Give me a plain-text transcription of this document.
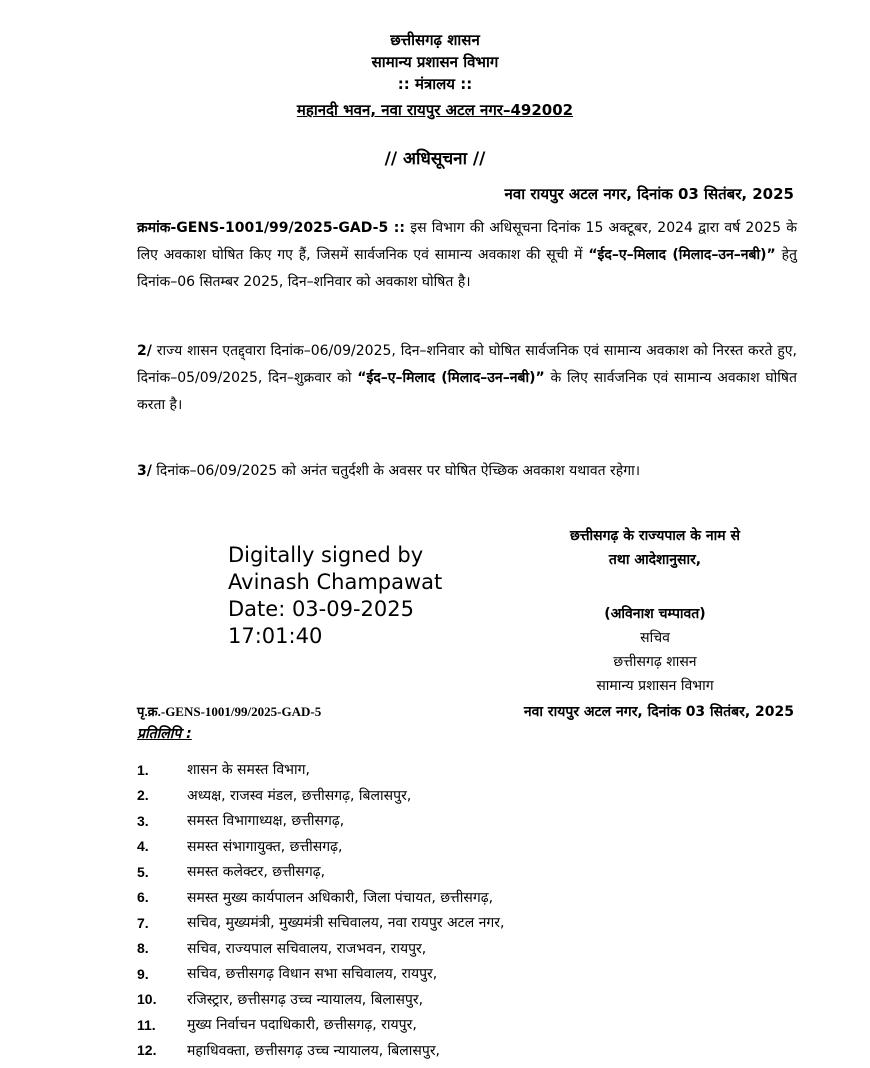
छत्तीसगढ़ शासन
सामान्य प्रशासन विभाग
:: मंत्रालय ::
महानदी भवन, नवा रायपुर अटल नगर–492002
// अधिसूचना //
नवा रायपुर अटल नगर, दिनांक 03 सितंबर, 2025
क्रमांक-GENS-1001/99/2025-GAD-5 :: इस विभाग की अधिसूचना दिनांक 15 अक्टूबर, 2024 द्वारा वर्ष 2025 के लिए अवकाश घोषित किए गए हैं, जिसमें सार्वजनिक एवं सामान्य अवकाश की सूची में “ईद–ए–मिलाद (मिलाद–उन–नबी)” हेतु दिनांक–06 सितम्बर 2025, दिन–शनिवार को अवकाश घोषित है।
2/ राज्य शासन एतद्द्वारा दिनांक–06/09/2025, दिन–शनिवार को घोषित सार्वजनिक एवं सामान्य अवकाश को निरस्त करते हुए, दिनांक–05/09/2025, दिन–शुक्रवार को “ईद–ए–मिलाद (मिलाद–उन–नबी)” के लिए सार्वजनिक एवं सामान्य अवकाश घोषित करता है।
3/ दिनांक–06/09/2025 को अनंत चतुर्दशी के अवसर पर घोषित ऐच्छिक अवकाश यथावत रहेगा।
छत्तीसगढ़ के राज्यपाल के नाम से
तथा आदेशानुसार,
(अविनाश चम्पावत)
सचिव
छत्तीसगढ़ शासन
सामान्य प्रशासन विभाग
Digitally signed by
Avinash Champawat
Date: 03-09-2025
17:01:40
पृ.क्र.-GENS-1001/99/2025-GAD-5	नवा रायपुर अटल नगर, दिनांक 03 सितंबर, 2025
प्रतिलिपि :
1.	शासन के समस्त विभाग,
2.	अध्यक्ष, राजस्व मंडल, छत्तीसगढ़, बिलासपुर,
3.	समस्त विभागाध्यक्ष, छत्तीसगढ़,
4.	समस्त संभागायुक्त, छत्तीसगढ़,
5.	समस्त कलेक्टर, छत्तीसगढ़,
6.	समस्त मुख्य कार्यपालन अधिकारी, जिला पंचायत, छत्तीसगढ़,
7.	सचिव, मुख्यमंत्री, मुख्यमंत्री सचिवालय, नवा रायपुर अटल नगर,
8.	सचिव, राज्यपाल सचिवालय, राजभवन, रायपुर,
9.	सचिव, छत्तीसगढ़ विधान सभा सचिवालय, रायपुर,
10.	रजिस्ट्रार, छत्तीसगढ़ उच्च न्यायालय, बिलासपुर,
11.	मुख्य निर्वाचन पदाधिकारी, छत्तीसगढ़, रायपुर,
12.	महाधिवक्ता, छत्तीसगढ़ उच्च न्यायालय, बिलासपुर,
